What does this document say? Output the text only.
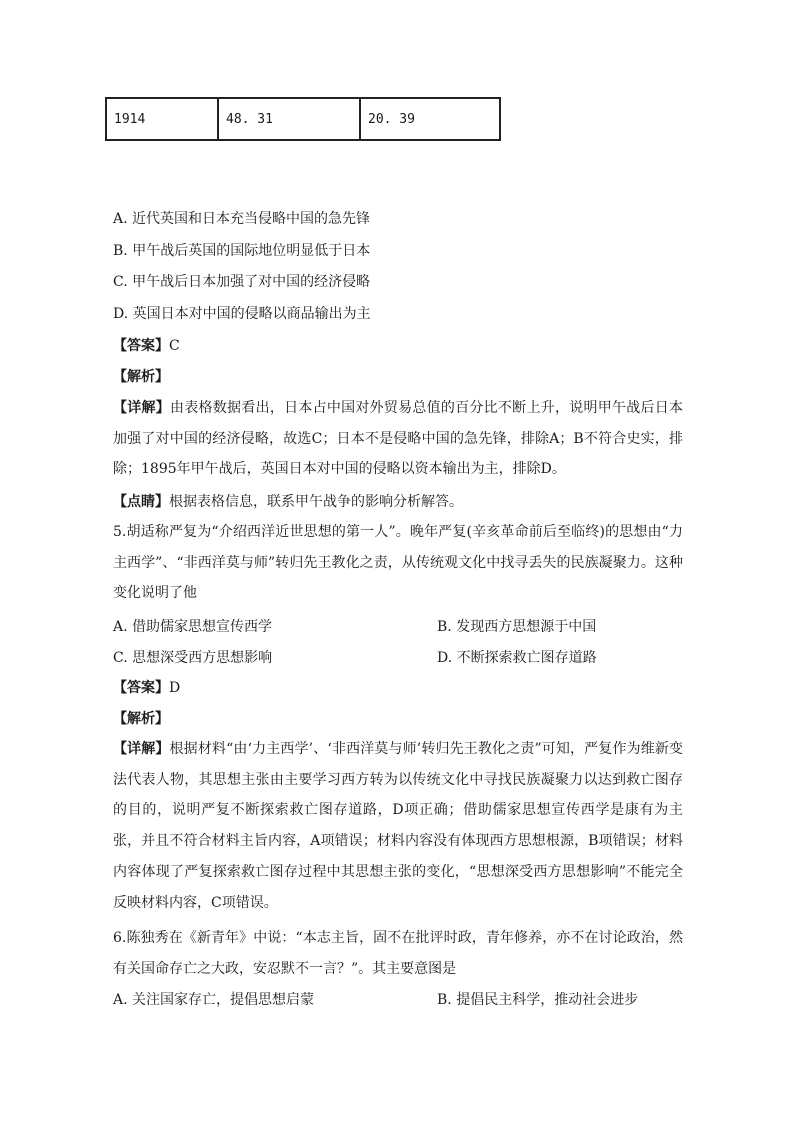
1914	48. 31	20. 39
A. 近代英国和日本充当侵略中国的急先锋
B. 甲午战后英国的国际地位明显低于日本
C. 甲午战后日本加强了对中国的经济侵略
D. 英国日本对中国的侵略以商品输出为主
【答案】C
【解析】
【详解】由表格数据看出，日本占中国对外贸易总值的百分比不断上升，说明甲午战后日本加强了对中国的经济侵略，故选C；日本不是侵略中国的急先锋，排除A；B不符合史实，排除；1895年甲午战后，英国日本对中国的侵略以资本输出为主，排除D。
【点睛】根据表格信息，联系甲午战争的影响分析解答。
5.胡适称严复为“介绍西洋近世思想的第一人”。晚年严复(辛亥革命前后至临终)的思想由“力主西学”、“非西洋莫与师”转归先王教化之责，从传统观文化中找寻丢失的民族凝聚力。这种变化说明了他
A. 借助儒家思想宣传西学	B. 发现西方思想源于中国
C. 思想深受西方思想影响	D. 不断探索救亡图存道路
【答案】D
【解析】
【详解】根据材料“由‘力主西学’、‘非西洋莫与师’转归先王教化之责”可知，严复作为维新变法代表人物，其思想主张由主要学习西方转为以传统文化中寻找民族凝聚力以达到救亡图存的目的，说明严复不断探索救亡图存道路，D项正确；借助儒家思想宣传西学是康有为主张，并且不符合材料主旨内容，A项错误；材料内容没有体现西方思想根源，B项错误；材料内容体现了严复探索救亡图存过程中其思想主张的变化，“思想深受西方思想影响”不能完全反映材料内容，C项错误。
6.陈独秀在《新青年》中说：“本志主旨，固不在批评时政，青年修养，亦不在讨论政治，然有关国命存亡之大政，安忍默不一言？”。其主要意图是
A. 关注国家存亡，提倡思想启蒙	B. 提倡民主科学，推动社会进步
